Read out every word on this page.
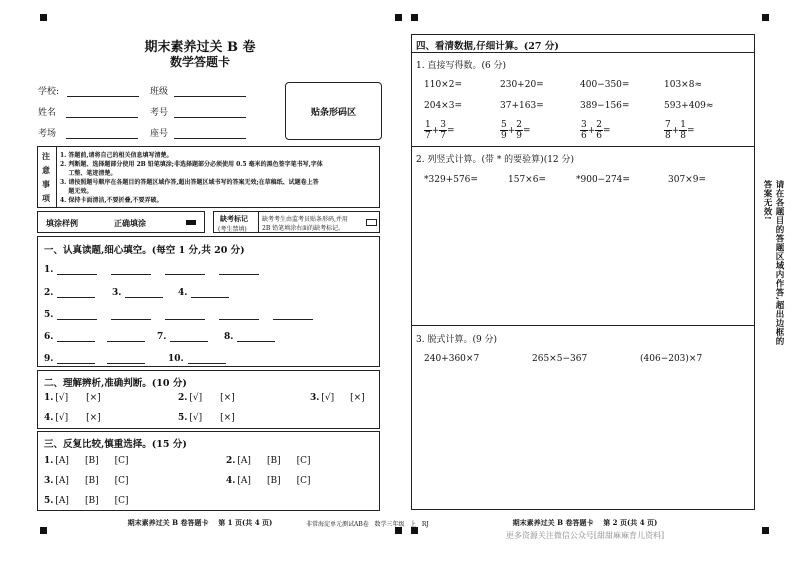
期末素养过关 B 卷
数学答题卡
学校:	班级
姓名	考号
考场	座号
贴条形码区
注
意
事
项
1. 答题前,请将自己的相关信息填写清楚。
2. 判断题、选择题部分使用 2B 铅笔填涂;非选择题部分必须使用 0.5 毫米的黑色签字笔书写,字体
工整、笔迹清楚。
3. 请按照题号顺序在各题目的答题区域作答,超出答题区域书写的答案无效;在草稿纸、试题卷上答
题无效。
4. 保持卡面清洁,不要折叠,不要弄破。
填涂样例	正确填涂	缺考标记
(考生禁填)
缺考考生由监考员贴条形码,并用
2B 铅笔填涂右面的缺考标记。
一、认真读题,细心填空。(每空 1 分,共 20 分)
1.
2.	3.	4.
5.
6.	7.	8.
9.	10.
二、理解辨析,准确判断。(10 分)
1. [√] [×]	2. [√] [×]	3. [√] [×]
4. [√] [×]	5. [√] [×]
三、反复比较,慎重选择。(15 分)
1. [A] [B] [C]	2. [A] [B] [C]
3. [A] [B] [C]	4. [A] [B] [C]
5. [A] [B] [C]
期末素养过关 B 卷答题卡    第 1 页(共 4 页)	非常海淀单元测试AB卷   数学三年级   上   RJ
四、看清数据,仔细计算。(27 分)
1. 直接写得数。(6 分)
110×2=	230+20=	400−350=	103×8≈
204×3=	37+163=	389−156=	593+409≈
$\frac{1}{7} + \frac{3}{7}$ =	$\frac{5}{9} + \frac{2}{9}$ =	$\frac{3}{6} + \frac{2}{6}$ =	$\frac{7}{8} + \frac{1}{8}$ =
2. 列竖式计算。(带 * 的要验算)(12 分)
*329+576=	157×6=	*900−274=	307×9=
3. 脱式计算。(9 分)
240+360×7	265×5−367	(406−203)×7
期末素养过关 B 卷答题卡    第 2 页(共 4 页)
更多资源关注微信公众号[甜甜麻麻育儿资料]
请在各题目的答题区域内作答,超出边框的答案无效!
